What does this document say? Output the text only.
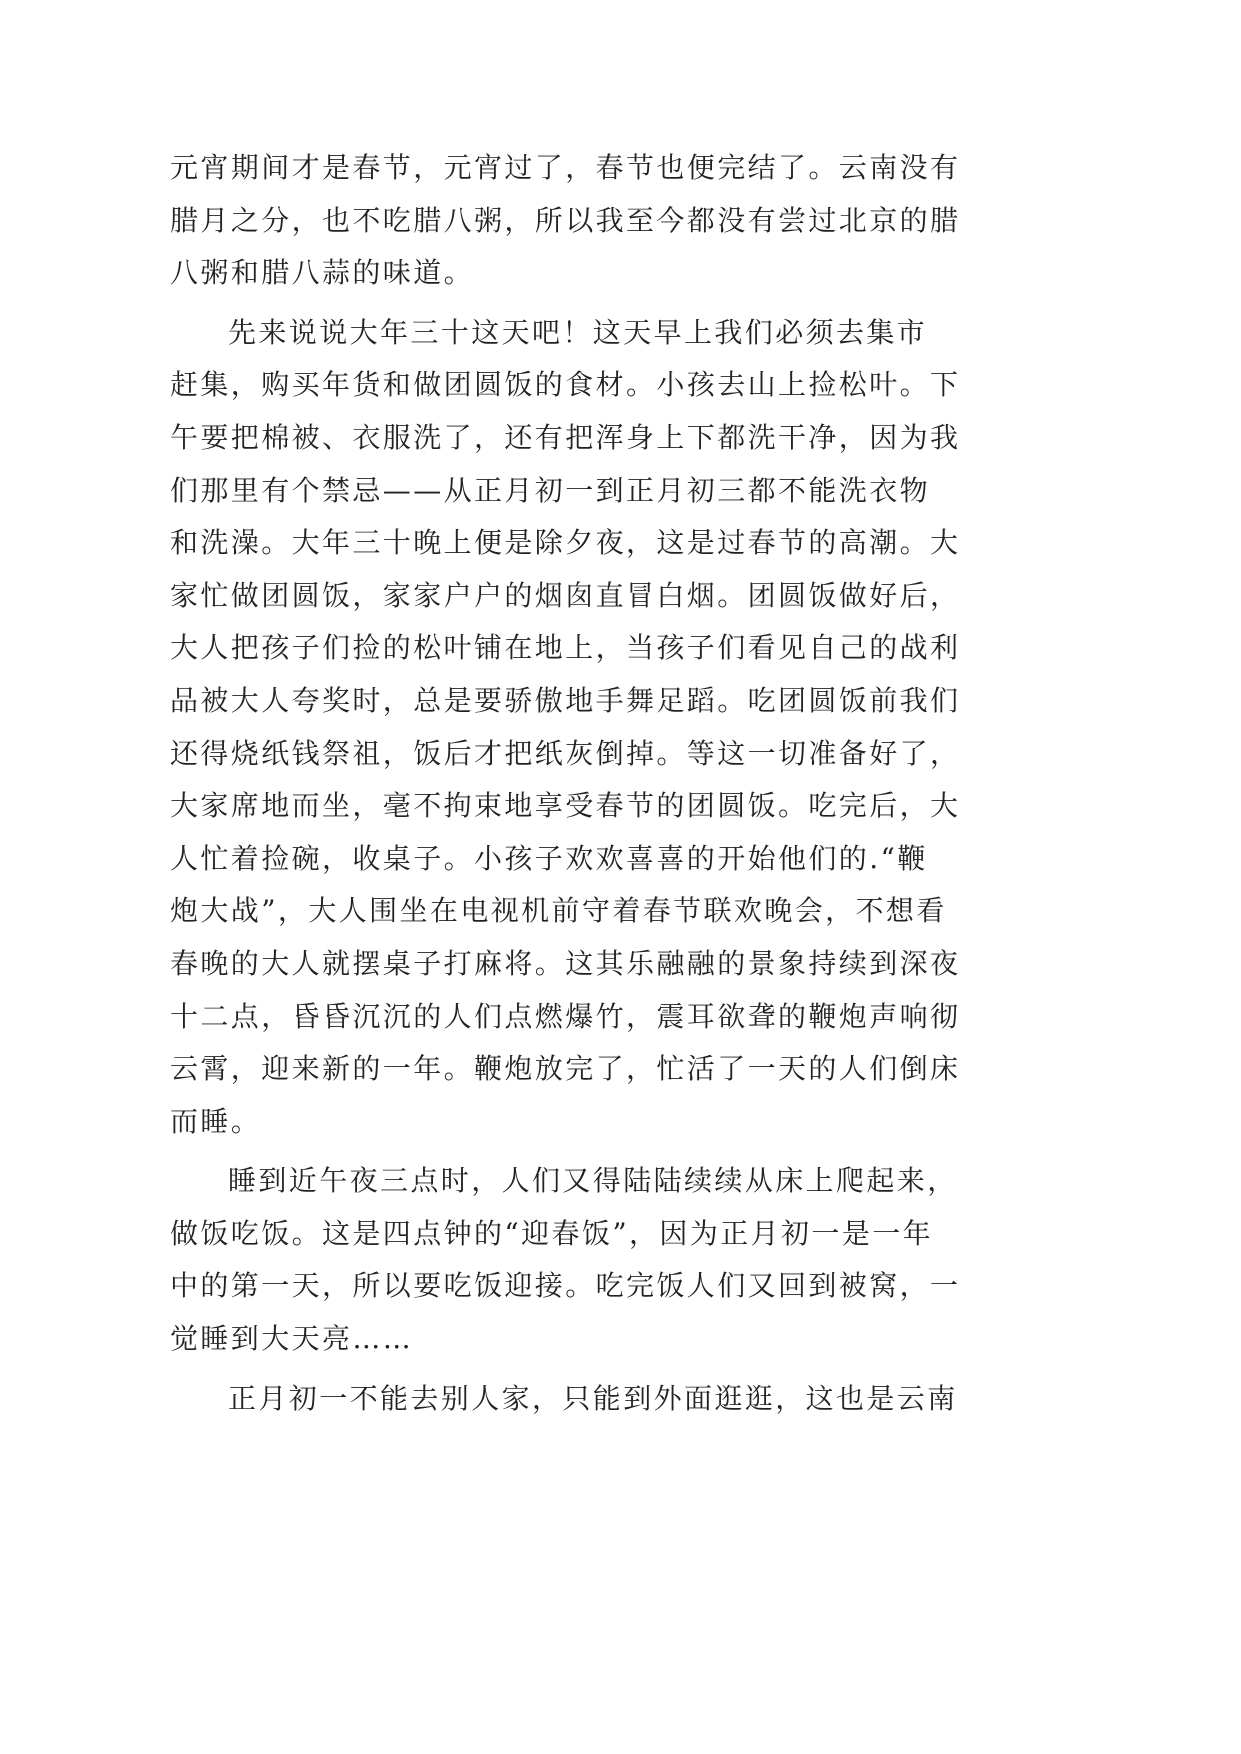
元宵期间才是春节，元宵过了，春节也便完结了。云南没有
腊月之分，也不吃腊八粥，所以我至今都没有尝过北京的腊
八粥和腊八蒜的味道。
先来说说大年三十这天吧！这天早上我们必须去集市
赶集，购买年货和做团圆饭的食材。小孩去山上捡松叶。下
午要把棉被、衣服洗了，还有把浑身上下都洗干净，因为我
们那里有个禁忌——从正月初一到正月初三都不能洗衣物
和洗澡。大年三十晚上便是除夕夜，这是过春节的高潮。大
家忙做团圆饭，家家户户的烟囱直冒白烟。团圆饭做好后，
大人把孩子们捡的松叶铺在地上，当孩子们看见自己的战利
品被大人夸奖时，总是要骄傲地手舞足蹈。吃团圆饭前我们
还得烧纸钱祭祖，饭后才把纸灰倒掉。等这一切准备好了，
大家席地而坐，毫不拘束地享受春节的团圆饭。吃完后，大
人忙着捡碗，收桌子。小孩子欢欢喜喜的开始他们的.“鞭
炮大战”，大人围坐在电视机前守着春节联欢晚会，不想看
春晚的大人就摆桌子打麻将。这其乐融融的景象持续到深夜
十二点，昏昏沉沉的人们点燃爆竹，震耳欲聋的鞭炮声响彻
云霄，迎来新的一年。鞭炮放完了，忙活了一天的人们倒床
而睡。
睡到近午夜三点时，人们又得陆陆续续从床上爬起来，
做饭吃饭。这是四点钟的“迎春饭”，因为正月初一是一年
中的第一天，所以要吃饭迎接。吃完饭人们又回到被窝，一
觉睡到大天亮……
正月初一不能去别人家，只能到外面逛逛，这也是云南
